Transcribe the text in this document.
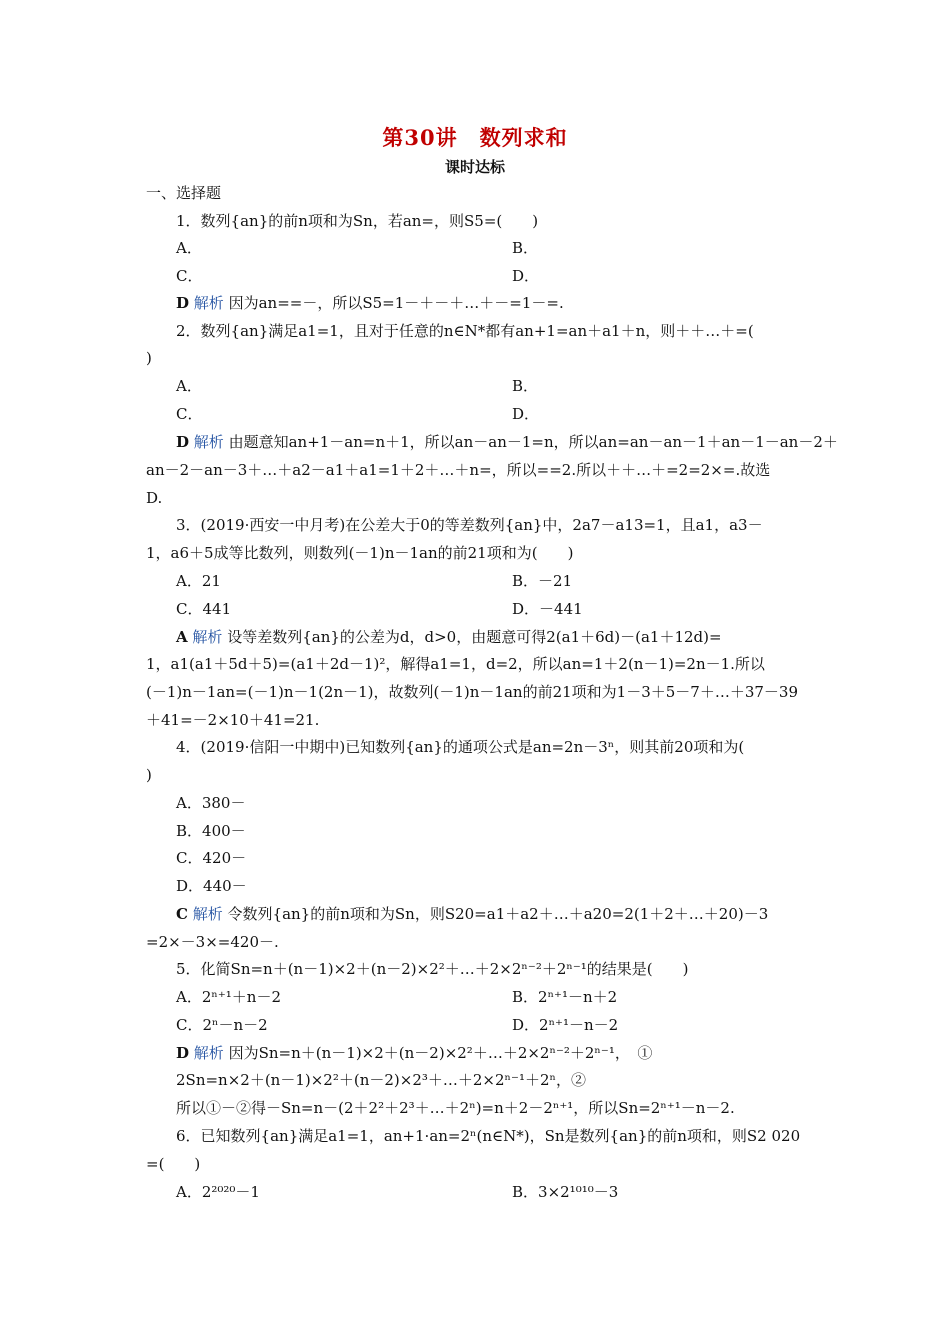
第30讲　数列求和
课时达标
一、选择题
1．数列{an}的前n项和为Sn，若an=，则S5=(　　)
A．	B．
C．	D．
D 解析 因为an==－，所以S5=1－＋－＋…＋－=1－=.
2．数列{an}满足a1=1，且对于任意的n∈N*都有an+1=an＋a1＋n，则＋＋…＋=(
)
A．	B．
C．	D．
D 解析 由题意知an+1－an=n＋1，所以an－an－1=n，所以an=an－an－1＋an－1－an－2＋
an－2－an－3＋…＋a2－a1＋a1=1＋2＋…＋n=，所以==2.所以＋＋…＋=2=2×=.故选
D.
3．(2019·西安一中月考)在公差大于0的等差数列{an}中，2a7－a13=1，且a1，a3－
1，a6＋5成等比数列，则数列(－1)n－1an的前21项和为(　　)
A．21	B．－21
C．441	D．－441
A 解析 设等差数列{an}的公差为d，d>0，由题意可得2(a1＋6d)－(a1＋12d)=
1，a1(a1＋5d＋5)=(a1＋2d－1)²，解得a1=1，d=2，所以an=1＋2(n－1)=2n－1.所以
(－1)n－1an=(－1)n－1(2n－1)，故数列(－1)n－1an的前21项和为1－3＋5－7＋…＋37－39
＋41=－2×10＋41=21.
4．(2019·信阳一中期中)已知数列{an}的通项公式是an=2n－3ⁿ，则其前20项和为(
)
A．380－
B．400－
C．420－
D．440－
C 解析 令数列{an}的前n项和为Sn，则S20=a1＋a2＋…＋a20=2(1＋2＋…＋20)－3
=2×－3×=420－.
5．化简Sn=n＋(n－1)×2＋(n－2)×2²＋…＋2×2ⁿ⁻²＋2ⁿ⁻¹的结果是(　　)
A．2ⁿ⁺¹＋n－2	B．2ⁿ⁺¹－n＋2
C．2ⁿ－n－2	D．2ⁿ⁺¹－n－2
D 解析 因为Sn=n＋(n－1)×2＋(n－2)×2²＋…＋2×2ⁿ⁻²＋2ⁿ⁻¹，　①
2Sn=n×2＋(n－1)×2²＋(n－2)×2³＋…＋2×2ⁿ⁻¹＋2ⁿ，②
所以①－②得－Sn=n－(2＋2²＋2³＋…＋2ⁿ)=n＋2－2ⁿ⁺¹，所以Sn=2ⁿ⁺¹－n－2.
6．已知数列{an}满足a1=1，an+1·an=2ⁿ(n∈N*)，Sn是数列{an}的前n项和，则S2 020
=(　　)
A．2²⁰²⁰－1	B．3×2¹⁰¹⁰－3
